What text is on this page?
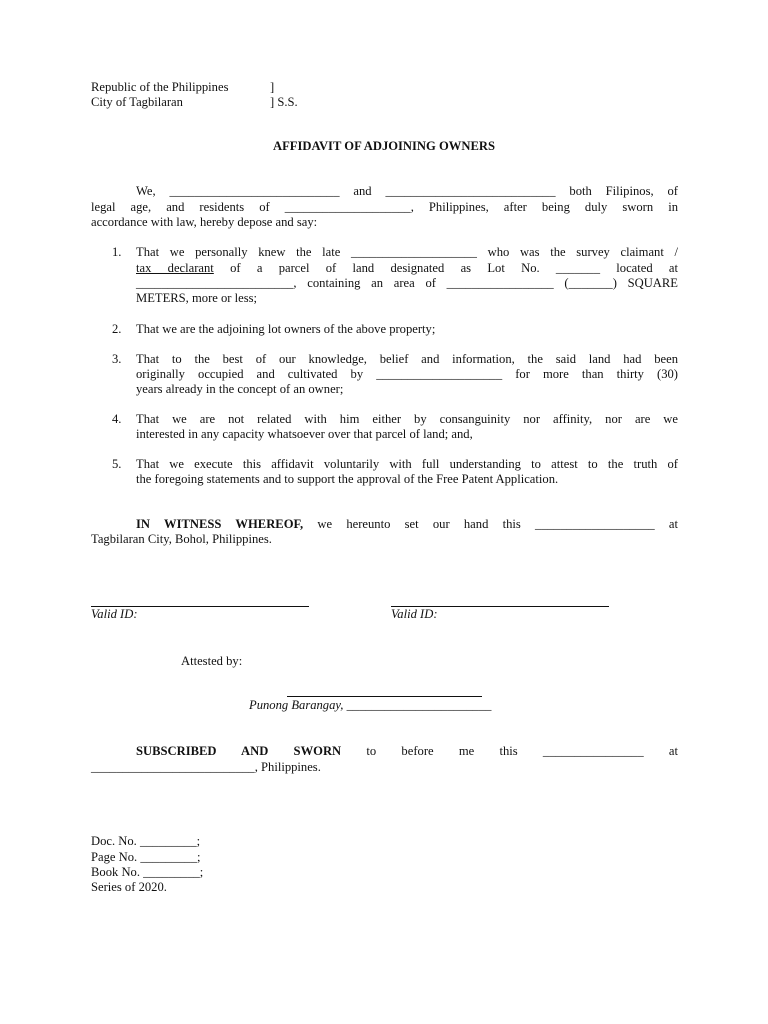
Republic of the Philippines	]
City of Tagbilaran	] S.S.
AFFIDAVIT OF ADJOINING OWNERS
We, ___________________________ and ___________________________ both Filipinos, of
legal age, and residents of ____________________, Philippines, after being duly sworn in
accordance with law, hereby depose and say:
1. That we personally knew the late ____________________ who was the survey claimant /
tax declarant of a parcel of land designated as Lot No. _______ located at
_________________________, containing an area of _________________ (_______) SQUARE
METERS, more or less;
2. That we are the adjoining lot owners of the above property;
3. That to the best of our knowledge, belief and information, the said land had been
originally occupied and cultivated by ____________________ for more than thirty (30)
years already in the concept of an owner;
4. That we are not related with him either by consanguinity nor affinity, nor are we
interested in any capacity whatsoever over that parcel of land; and,
5. That we execute this affidavit voluntarily with full understanding to attest to the truth of
the foregoing statements and to support the approval of the Free Patent Application.
IN WITNESS WHEREOF, we hereunto set our hand this ___________________ at
Tagbilaran City, Bohol, Philippines.
Valid ID:	Valid ID:
Attested by:
Punong Barangay, _______________________
SUBSCRIBED AND SWORN to before me this ________________ at
__________________________, Philippines.
Doc. No. _________;
Page No. _________;
Book No. _________;
Series of 2020.
